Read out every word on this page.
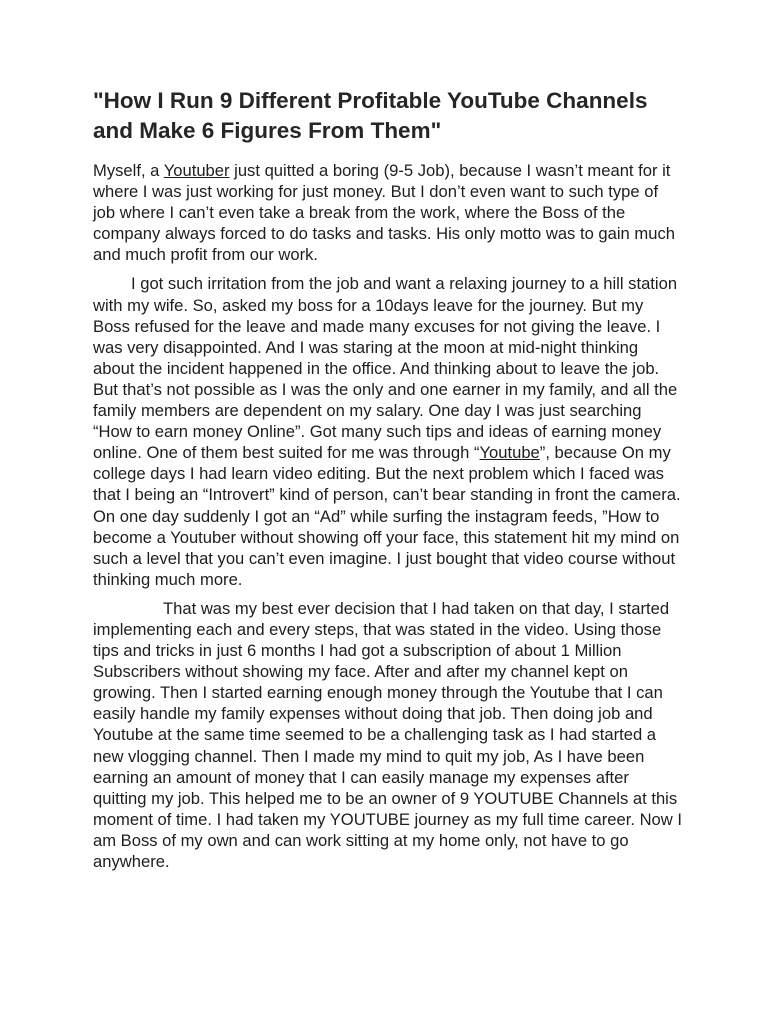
"How I Run 9 Different Profitable YouTube Channels and Make 6 Figures From Them"

Myself, a Youtuber just quitted a boring (9-5 Job), because I wasn’t meant for it where I was just working for just money. But I don’t even want to such type of job where I can’t even take a break from the work, where the Boss of the company always forced to do tasks and tasks. His only motto was to gain much and much profit from our work.

I got such irritation from the job and want a relaxing journey to a hill station with my wife. So, asked my boss for a 10days leave for the journey. But my Boss refused for the leave and made many excuses for not giving the leave. I was very disappointed. And I was staring at the moon at mid-night thinking about the incident happened in the office. And thinking about to leave the job. But that’s not possible as I was the only and one earner in my family, and all the family members are dependent on my salary. One day I was just searching “How to earn money Online”. Got many such tips and ideas of earning money online. One of them best suited for me was through “Youtube”, because On my college days I had learn video editing. But the next problem which I faced was that I being an “Introvert” kind of person, can’t bear standing in front the camera. On one day suddenly I got an “Ad” while surfing the instagram feeds, ”How to become a Youtuber without showing off your face, this statement hit my mind on such a level that you can’t even imagine. I just bought that video course without thinking much more.

That was my best ever decision that I had taken on that day, I started implementing each and every steps, that was stated in the video. Using those tips and tricks in just 6 months I had got a subscription of about 1 Million Subscribers without showing my face. After and after my channel kept on growing. Then I started earning enough money through the Youtube that I can easily handle my family expenses without doing that job. Then doing job and Youtube at the same time seemed to be a challenging task as I had started a new vlogging channel. Then I made my mind to quit my job, As I have been earning an amount of money that I can easily manage my expenses after quitting my job. This helped me to be an owner of 9 YOUTUBE Channels at this moment of time. I had taken my YOUTUBE journey as my full time career. Now I am Boss of my own and can work sitting at my home only, not have to go anywhere.
